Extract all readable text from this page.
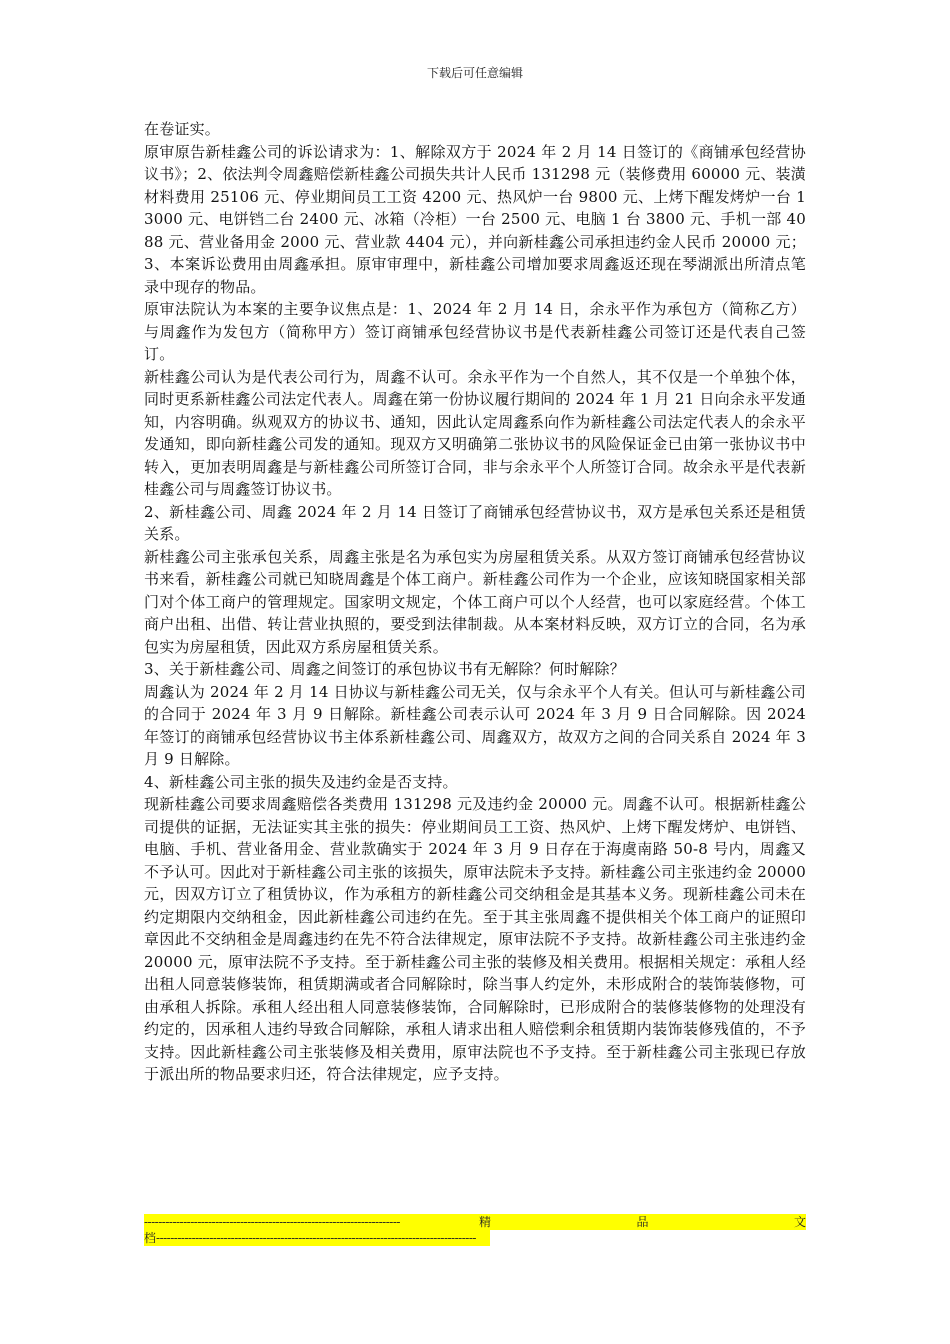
下载后可任意编辑

在卷证实。

原审原告新桂鑫公司的诉讼请求为：1、解除双方于 2024 年 2 月 14 日签订的《商铺承包经营协议书》；2、依法判令周鑫赔偿新桂鑫公司损失共计人民币 131298 元（装修费用 60000 元、装潢材料费用 25106 元、停业期间员工工资 4200 元、热风炉一台 9800 元、上烤下醒发烤炉一台 13000 元、电饼铛二台 2400 元、冰箱（冷柜）一台 2500 元、电脑 1 台 3800 元、手机一部 4088 元、营业备用金 2000 元、营业款 4404 元），并向新桂鑫公司承担违约金人民币 20000 元；3、本案诉讼费用由周鑫承担。原审审理中，新桂鑫公司增加要求周鑫返还现在琴湖派出所清点笔录中现存的物品。

原审法院认为本案的主要争议焦点是：1、2024 年 2 月 14 日，余永平作为承包方（简称乙方）与周鑫作为发包方（简称甲方）签订商铺承包经营协议书是代表新桂鑫公司签订还是代表自己签订。

新桂鑫公司认为是代表公司行为，周鑫不认可。余永平作为一个自然人，其不仅是一个单独个体，同时更系新桂鑫公司法定代表人。周鑫在第一份协议履行期间的 2024 年 1 月 21 日向余永平发通知，内容明确。纵观双方的协议书、通知，因此认定周鑫系向作为新桂鑫公司法定代表人的余永平发通知，即向新桂鑫公司发的通知。现双方又明确第二张协议书的风险保证金已由第一张协议书中转入，更加表明周鑫是与新桂鑫公司所签订合同，非与余永平个人所签订合同。故余永平是代表新桂鑫公司与周鑫签订协议书。

2、新桂鑫公司、周鑫 2024 年 2 月 14 日签订了商铺承包经营协议书，双方是承包关系还是租赁关系。

新桂鑫公司主张承包关系，周鑫主张是名为承包实为房屋租赁关系。从双方签订商铺承包经营协议书来看，新桂鑫公司就已知晓周鑫是个体工商户。新桂鑫公司作为一个企业，应该知晓国家相关部门对个体工商户的管理规定。国家明文规定，个体工商户可以个人经营，也可以家庭经营。个体工商户出租、出借、转让营业执照的，要受到法律制裁。从本案材料反映，双方订立的合同，名为承包实为房屋租赁，因此双方系房屋租赁关系。

3、关于新桂鑫公司、周鑫之间签订的承包协议书有无解除？何时解除？

周鑫认为 2024 年 2 月 14 日协议与新桂鑫公司无关，仅与余永平个人有关。但认可与新桂鑫公司的合同于 2024 年 3 月 9 日解除。新桂鑫公司表示认可 2024 年 3 月 9 日合同解除。因 2024 年签订的商铺承包经营协议书主体系新桂鑫公司、周鑫双方，故双方之间的合同关系自 2024 年 3 月 9 日解除。

4、新桂鑫公司主张的损失及违约金是否支持。

现新桂鑫公司要求周鑫赔偿各类费用 131298 元及违约金 20000 元。周鑫不认可。根据新桂鑫公司提供的证据，无法证实其主张的损失：停业期间员工工资、热风炉、上烤下醒发烤炉、电饼铛、电脑、手机、营业备用金、营业款确实于 2024 年 3 月 9 日存在于海虞南路 50-8 号内，周鑫又不予认可。因此对于新桂鑫公司主张的该损失，原审法院未予支持。新桂鑫公司主张违约金 20000 元，因双方订立了租赁协议，作为承租方的新桂鑫公司交纳租金是其基本义务。现新桂鑫公司未在约定期限内交纳租金，因此新桂鑫公司违约在先。至于其主张周鑫不提供相关个体工商户的证照印章因此不交纳租金是周鑫违约在先不符合法律规定，原审法院不予支持。故新桂鑫公司主张违约金 20000 元，原审法院不予支持。至于新桂鑫公司主张的装修及相关费用。根据相关规定：承租人经出租人同意装修装饰，租赁期满或者合同解除时，除当事人约定外，未形成附合的装饰装修物，可由承租人拆除。承租人经出租人同意装修装饰，合同解除时，已形成附合的装修装修物的处理没有约定的，因承租人违约导致合同解除，承租人请求出租人赔偿剩余租赁期内装饰装修残值的，不予支持。因此新桂鑫公司主张装修及相关费用，原审法院也不予支持。至于新桂鑫公司主张现已存放于派出所的物品要求归还，符合法律规定，应予支持。

------------------------------------------------------------------------	精	品	文
档 ------------------------------------------------------------------------------------------
